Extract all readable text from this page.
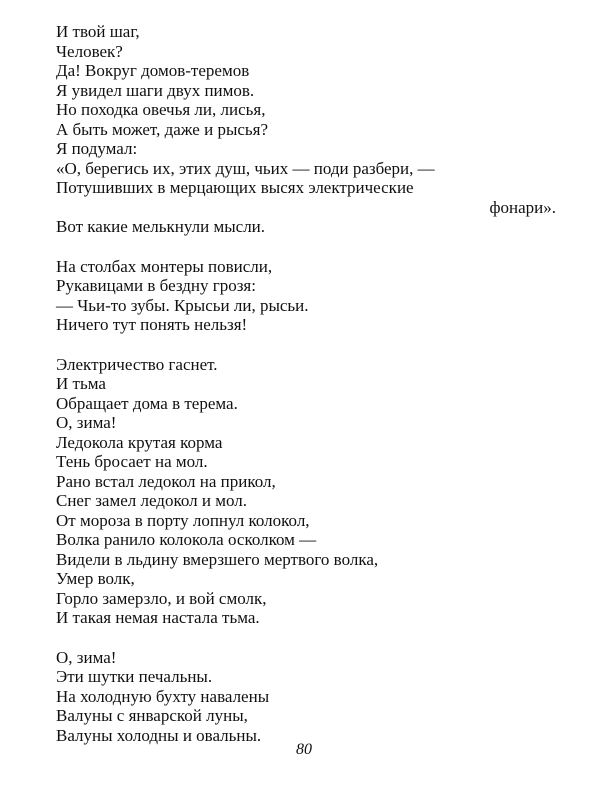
И твой шаг,
Человек?
Да! Вокруг домов-теремов
Я увидел шаги двух пимов.
Но походка овечья ли, лисья,
А быть может, даже и рысья?
Я подумал:
«О, берегись их, этих душ, чьих — поди разбери, —
Потушивших в мерцающих высях электрические
фонари».
Вот какие мелькнули мысли.
На столбах монтеры повисли,
Рукавицами в бездну грозя:
— Чьи-то зубы. Крысьи ли, рысьи.
Ничего тут понять нельзя!
Электричество гаснет.
И тьма
Обращает дома в терема.
О, зима!
Ледокола крутая корма
Тень бросает на мол.
Рано встал ледокол на прикол,
Снег замел ледокол и мол.
От мороза в порту лопнул колокол,
Волка ранило колокола осколком —
Видели в льдину вмерзшего мертвого волка,
Умер волк,
Горло замерзло, и вой смолк,
И такая немая настала тьма.
О, зима!
Эти шутки печальны.
На холодную бухту навалены
Валуны с январской луны,
Валуны холодны и овальны.
80
